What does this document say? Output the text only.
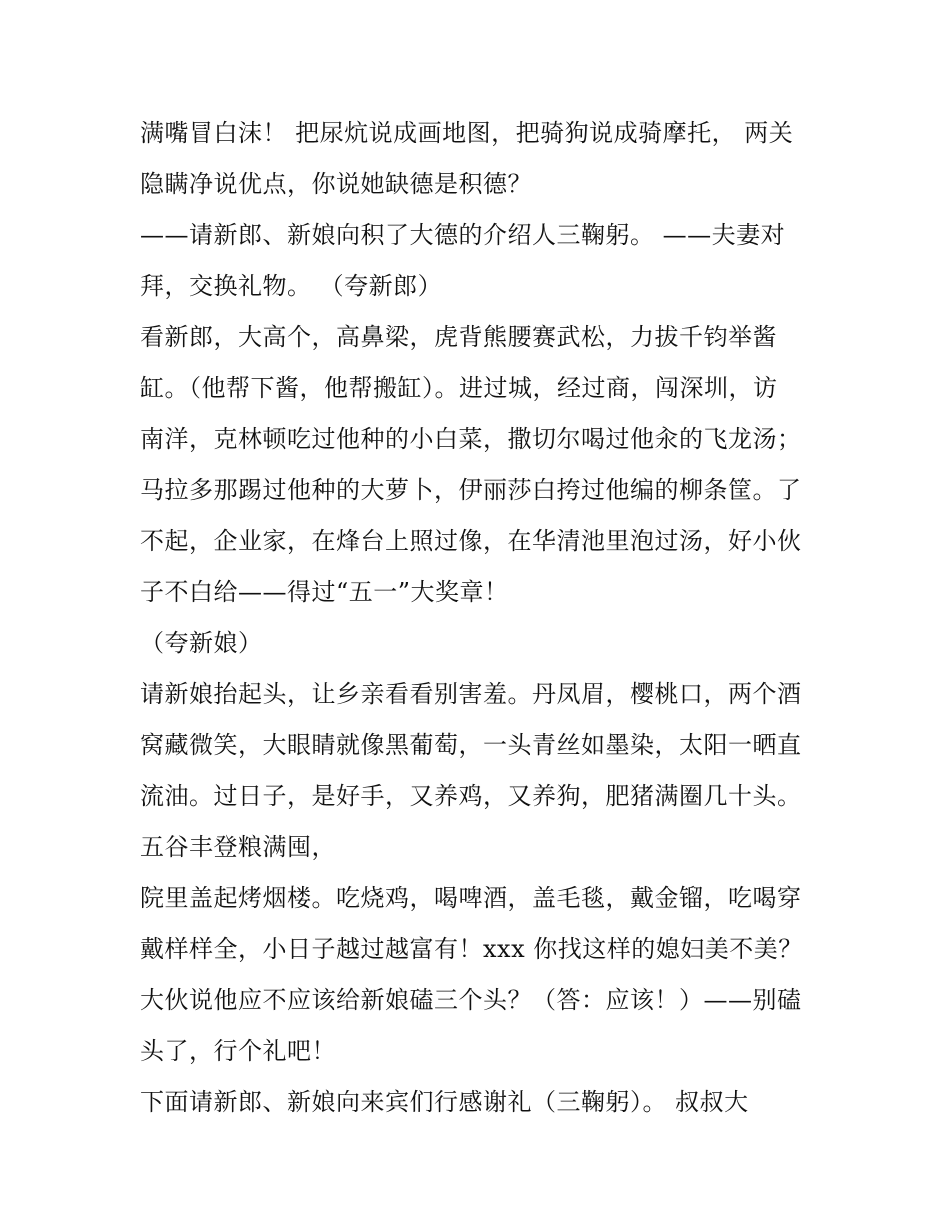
满嘴冒白沫！ 把尿炕说成画地图，把骑狗说成骑摩托， 两关
隐瞒净说优点，你说她缺德是积德？
——请新郎、新娘向积了大德的介绍人三鞠躬。 ——夫妻对
拜，交换礼物。 （夸新郎）
看新郎，大高个，高鼻梁，虎背熊腰赛武松，力拔千钧举酱
缸。（他帮下酱，他帮搬缸）。进过城，经过商，闯深圳，访
南洋，克林顿吃过他种的小白菜，撒切尔喝过他汆的飞龙汤；
马拉多那踢过他种的大萝卜，伊丽莎白挎过他编的柳条筐。了
不起，企业家，在烽台上照过像，在华清池里泡过汤，好小伙
子不白给——得过“五一”大奖章！
（夸新娘）
请新娘抬起头，让乡亲看看别害羞。丹凤眉，樱桃口，两个酒
窝藏微笑，大眼睛就像黑葡萄，一头青丝如墨染，太阳一晒直
流油。过日子，是好手，又养鸡，又养狗，肥猪满圈几十头。
五谷丰登粮满囤，
院里盖起烤烟楼。吃烧鸡，喝啤酒，盖毛毯，戴金镏，吃喝穿
戴样样全，小日子越过越富有！xxx 你找这样的媳妇美不美？
大伙说他应不应该给新娘磕三个头？（答：应该！）——别磕
头了，行个礼吧！
下面请新郎、新娘向来宾们行感谢礼（三鞠躬）。 叔叔大
